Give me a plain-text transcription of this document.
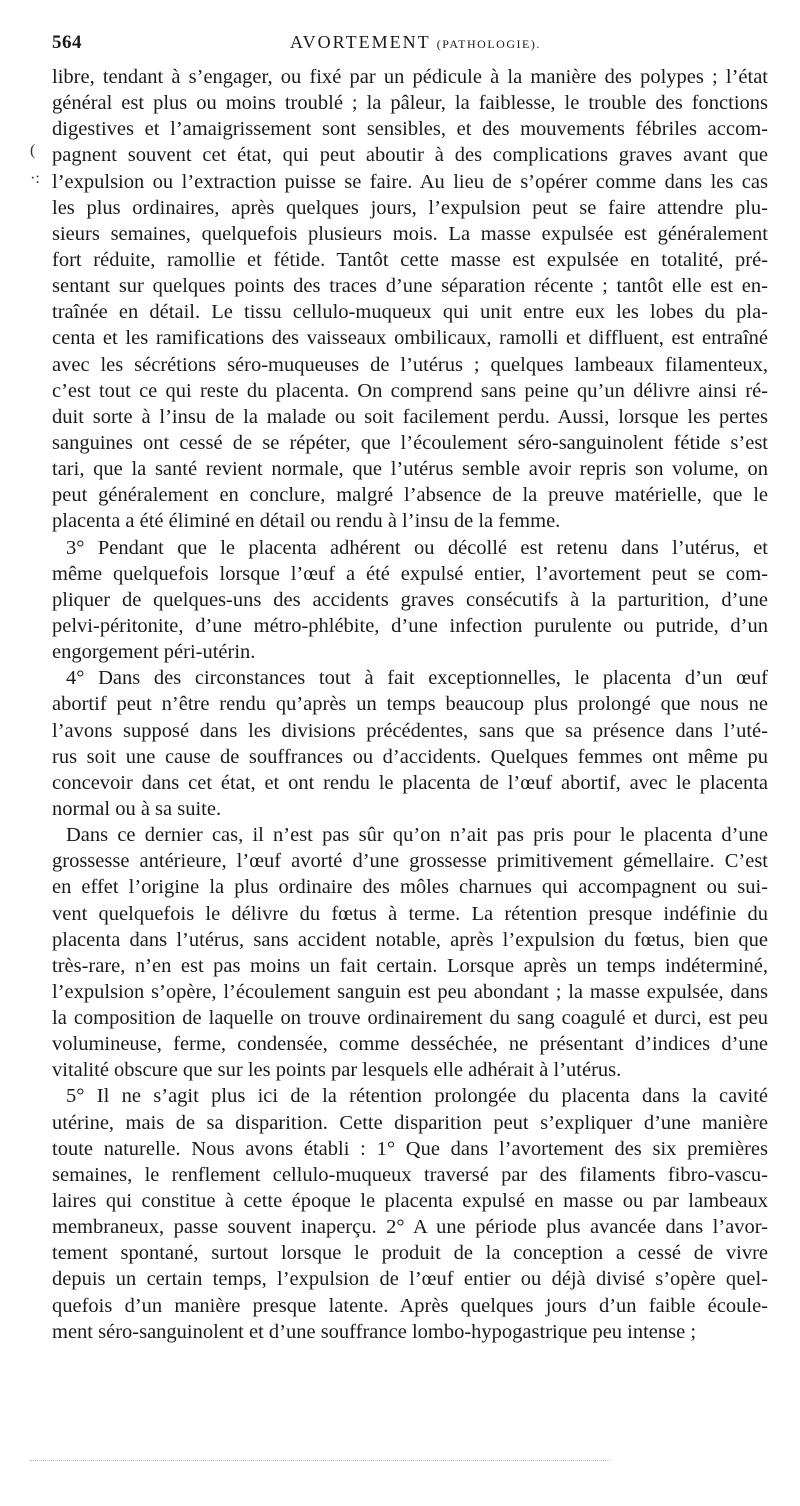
564	AVORTEMENT (PATHOLOGIE).
(
·:
libre, tendant à s’engager, ou fixé par un pédicule à la manière des polypes ; l’état
général est plus ou moins troublé ; la pâleur, la faiblesse, le trouble des fonctions
digestives et l’amaigrissement sont sensibles, et des mouvements fébriles accom-
pagnent souvent cet état, qui peut aboutir à des complications graves avant que
l’expulsion ou l’extraction puisse se faire. Au lieu de s’opérer comme dans les cas
les plus ordinaires, après quelques jours, l’expulsion peut se faire attendre plu-
sieurs semaines, quelquefois plusieurs mois. La masse expulsée est généralement
fort réduite, ramollie et fétide. Tantôt cette masse est expulsée en totalité, pré-
sentant sur quelques points des traces d’une séparation récente ; tantôt elle est en-
traînée en détail. Le tissu cellulo-muqueux qui unit entre eux les lobes du pla-
centa et les ramifications des vaisseaux ombilicaux, ramolli et diffluent, est entraîné
avec les sécrétions séro-muqueuses de l’utérus ; quelques lambeaux filamenteux,
c’est tout ce qui reste du placenta. On comprend sans peine qu’un délivre ainsi ré-
duit sorte à l’insu de la malade ou soit facilement perdu. Aussi, lorsque les pertes
sanguines ont cessé de se répéter, que l’écoulement séro-sanguinolent fétide s’est
tari, que la santé revient normale, que l’utérus semble avoir repris son volume, on
peut généralement en conclure, malgré l’absence de la preuve matérielle, que le
placenta a été éliminé en détail ou rendu à l’insu de la femme.
3° Pendant que le placenta adhérent ou décollé est retenu dans l’utérus, et
même quelquefois lorsque l’œuf a été expulsé entier, l’avortement peut se com-
pliquer de quelques-uns des accidents graves consécutifs à la parturition, d’une
pelvi-péritonite, d’une métro-phlébite, d’une infection purulente ou putride, d’un
engorgement péri-utérin.
4° Dans des circonstances tout à fait exceptionnelles, le placenta d’un œuf
abortif peut n’être rendu qu’après un temps beaucoup plus prolongé que nous ne
l’avons supposé dans les divisions précédentes, sans que sa présence dans l’uté-
rus soit une cause de souffrances ou d’accidents. Quelques femmes ont même pu
concevoir dans cet état, et ont rendu le placenta de l’œuf abortif, avec le placenta
normal ou à sa suite.
Dans ce dernier cas, il n’est pas sûr qu’on n’ait pas pris pour le placenta d’une
grossesse antérieure, l’œuf avorté d’une grossesse primitivement gémellaire. C’est
en effet l’origine la plus ordinaire des môles charnues qui accompagnent ou sui-
vent quelquefois le délivre du fœtus à terme. La rétention presque indéfinie du
placenta dans l’utérus, sans accident notable, après l’expulsion du fœtus, bien que
très-rare, n’en est pas moins un fait certain. Lorsque après un temps indéterminé,
l’expulsion s’opère, l’écoulement sanguin est peu abondant ; la masse expulsée, dans
la composition de laquelle on trouve ordinairement du sang coagulé et durci, est peu
volumineuse, ferme, condensée, comme desséchée, ne présentant d’indices d’une
vitalité obscure que sur les points par lesquels elle adhérait à l’utérus.
5° Il ne s’agit plus ici de la rétention prolongée du placenta dans la cavité
utérine, mais de sa disparition. Cette disparition peut s’expliquer d’une manière
toute naturelle. Nous avons établi : 1° Que dans l’avortement des six premières
semaines, le renflement cellulo-muqueux traversé par des filaments fibro-vascu-
laires qui constitue à cette époque le placenta expulsé en masse ou par lambeaux
membraneux, passe souvent inaperçu. 2° A une période plus avancée dans l’avor-
tement spontané, surtout lorsque le produit de la conception a cessé de vivre
depuis un certain temps, l’expulsion de l’œuf entier ou déjà divisé s’opère quel-
quefois d’un manière presque latente. Après quelques jours d’un faible écoule-
ment séro-sanguinolent et d’une souffrance lombo-hypogastrique peu intense ;
